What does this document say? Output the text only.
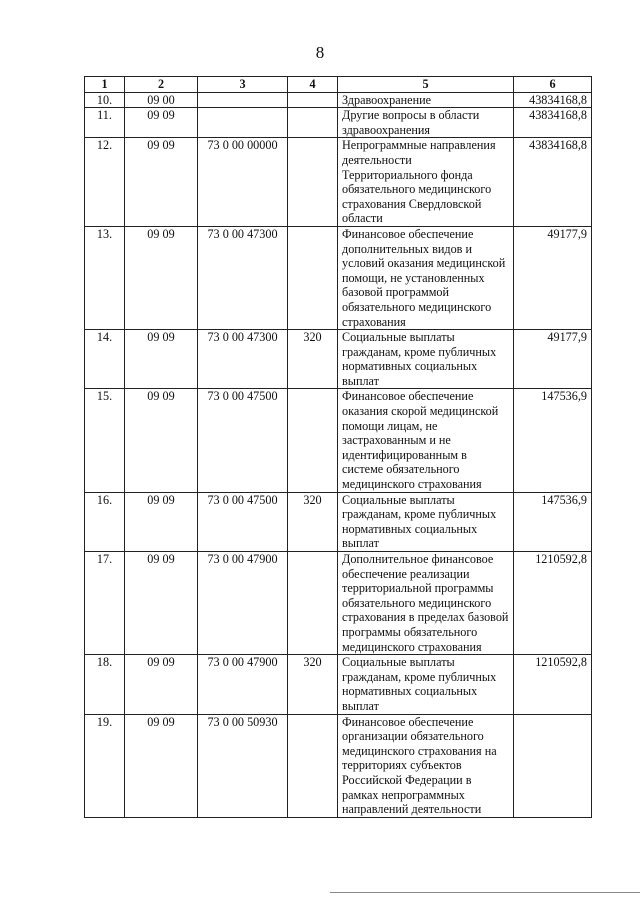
8
1	2	3	4	5	6
10.	09 00			Здравоохранение	43834168,8
11.	09 09			Другие вопросы в области здравоохранения	43834168,8
12.	09 09	73 0 00 00000		Непрограммные направления деятельности Территориального фонда обязательного медицинского страхования Свердловской области	43834168,8
13.	09 09	73 0 00 47300		Финансовое обеспечение дополнительных видов и условий оказания медицинской помощи, не установленных базовой программой обязательного медицинского страхования	49177,9
14.	09 09	73 0 00 47300	320	Социальные выплаты гражданам, кроме публичных нормативных социальных выплат	49177,9
15.	09 09	73 0 00 47500		Финансовое обеспечение оказания скорой медицинской помощи лицам, не застрахованным и не идентифицированным в системе обязательного медицинского страхования	147536,9
16.	09 09	73 0 00 47500	320	Социальные выплаты гражданам, кроме публичных нормативных социальных выплат	147536,9
17.	09 09	73 0 00 47900		Дополнительное финансовое обеспечение реализации территориальной программы обязательного медицинского страхования в пределах базовой программы обязательного медицинского страхования	1210592,8
18.	09 09	73 0 00 47900	320	Социальные выплаты гражданам, кроме публичных нормативных социальных выплат	1210592,8
19.	09 09	73 0 00 50930		Финансовое обеспечение организации обязательного медицинского страхования на территориях субъектов Российской Федерации в рамках непрограммных направлений деятельности	
